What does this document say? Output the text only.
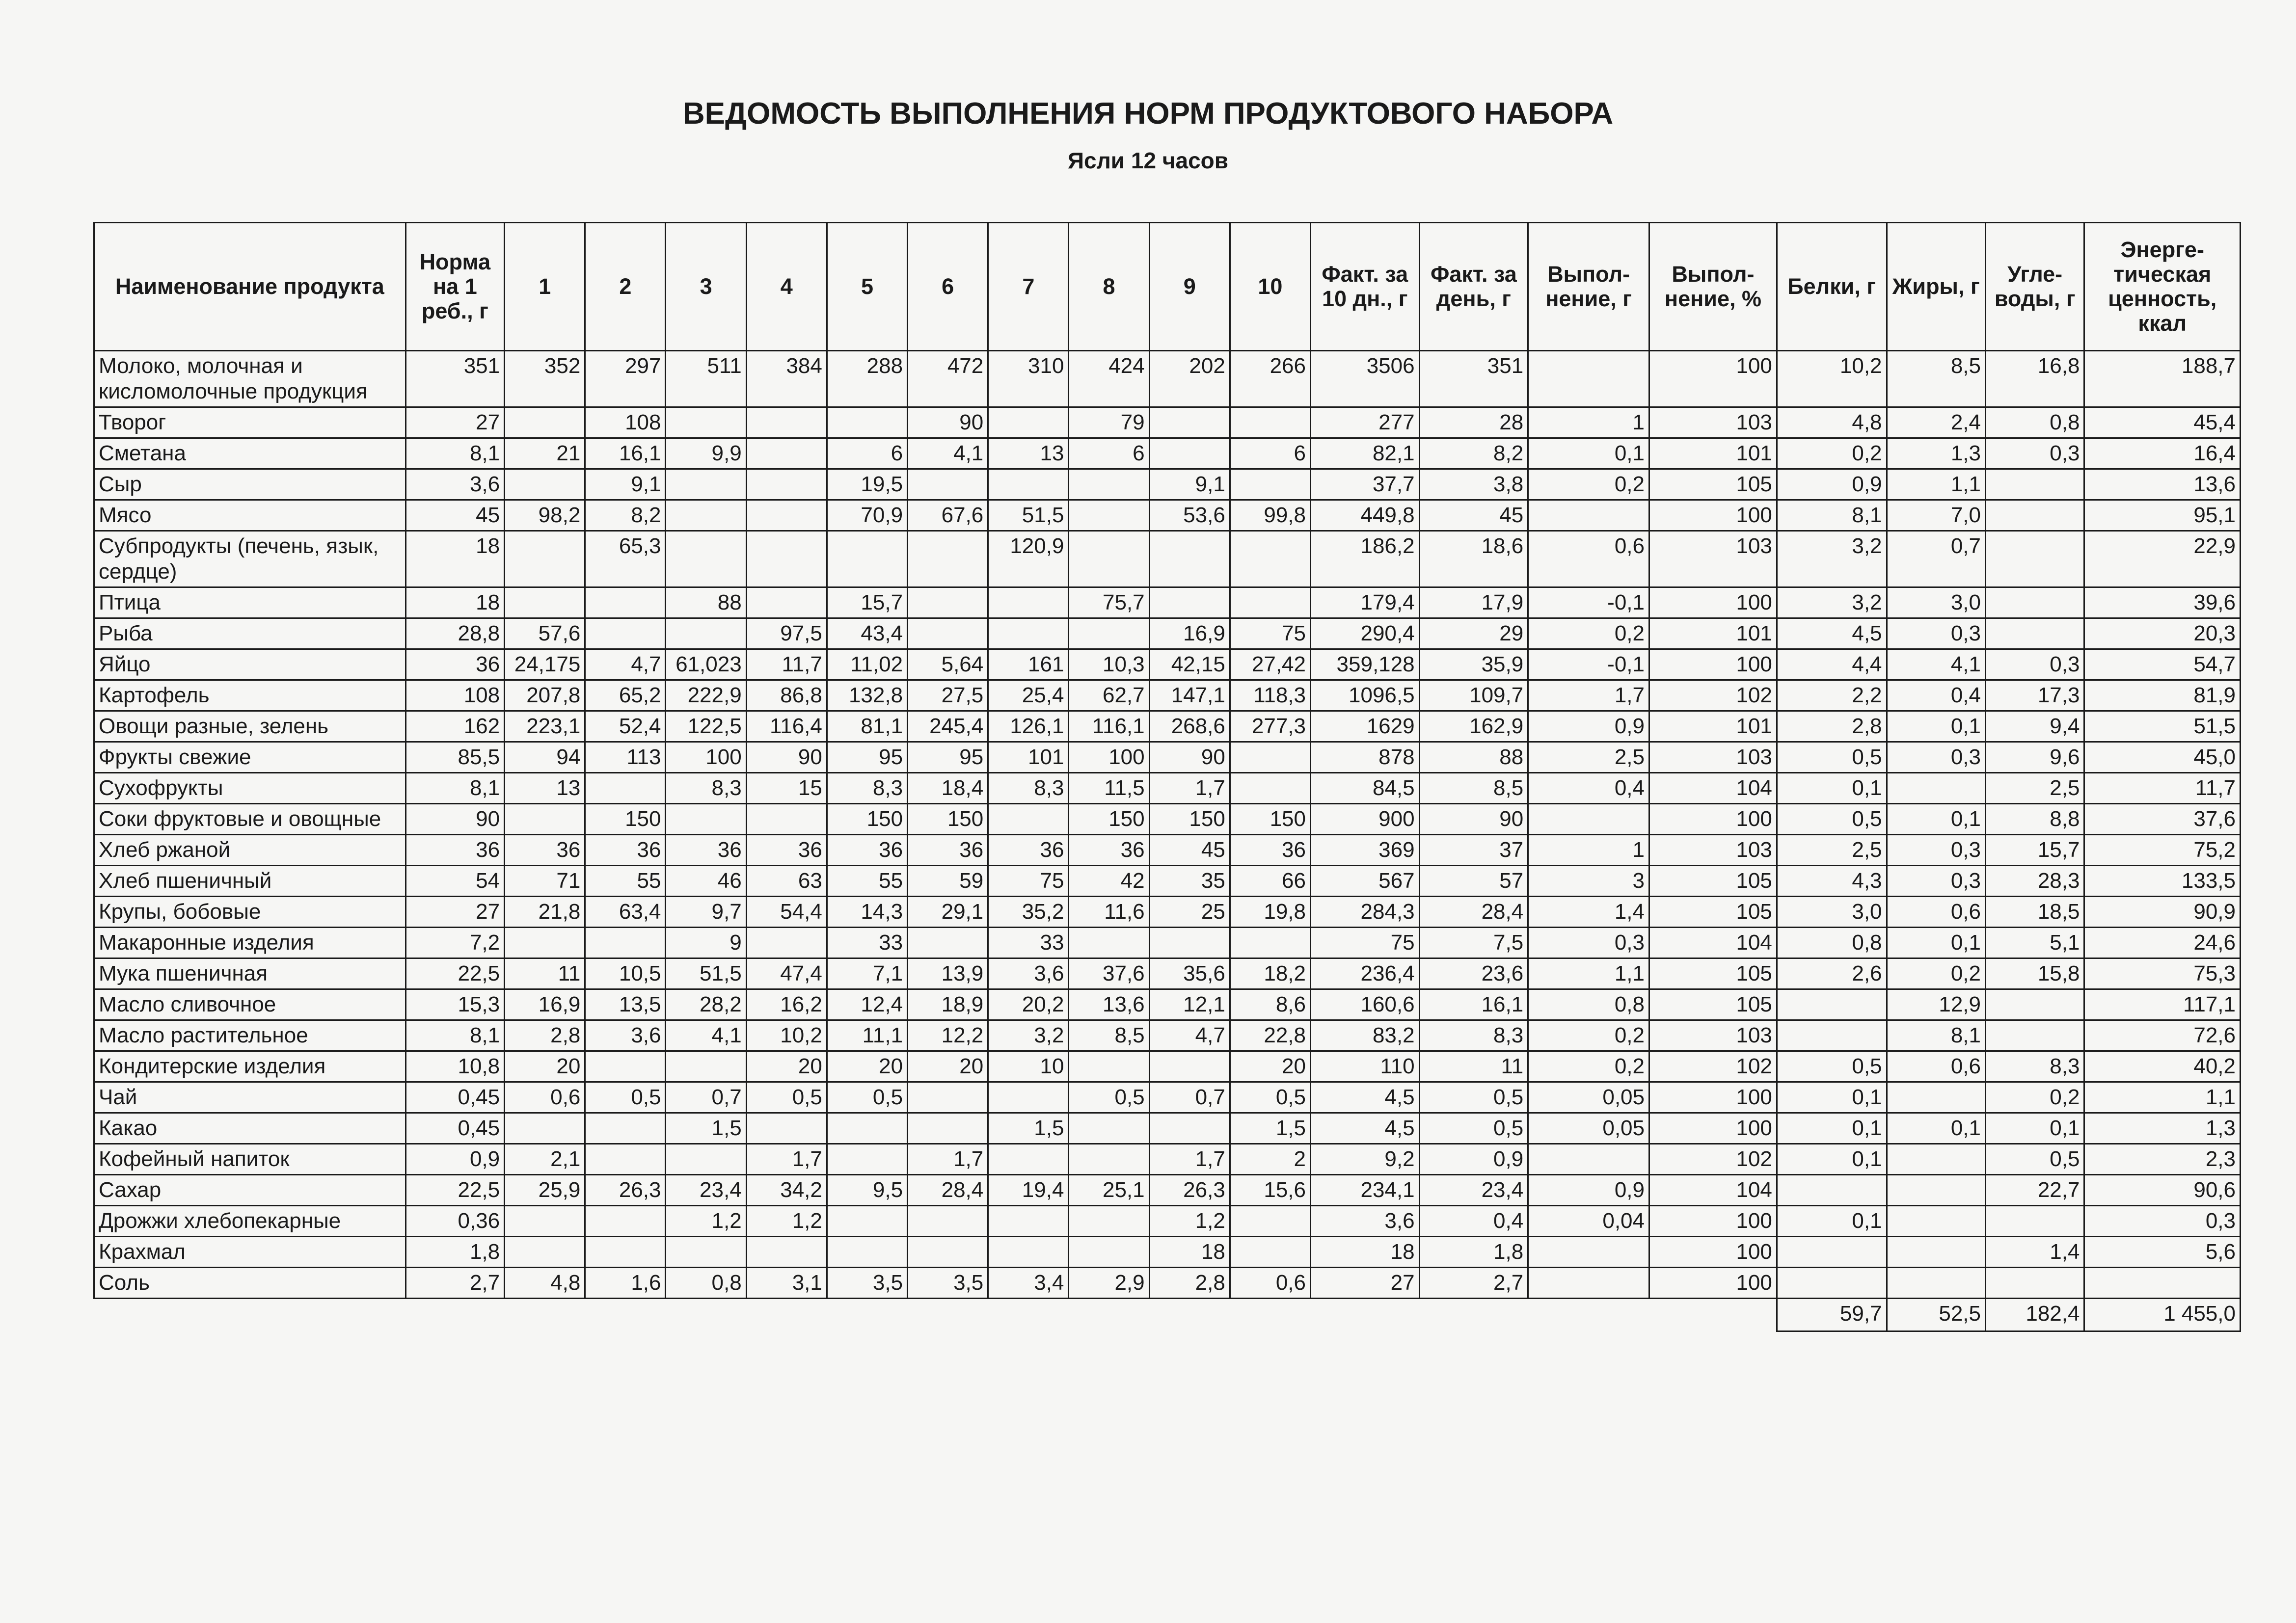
ВЕДОМОСТЬ ВЫПОЛНЕНИЯ НОРМ ПРОДУКТОВОГО НАБОРА
Ясли 12 часов
Наименование продукта	Норма на 1 реб., г	1	2	3	4	5	6	7	8	9	10	Факт. за 10 дн., г	Факт. за день, г	Выпол-нение, г	Выпол-нение, %	Белки, г	Жиры, г	Угле-воды, г	Энерге-тическая ценность, ккал
Молоко, молочная и кисломолочные продукция	351	352	297	511	384	288	472	310	424	202	266	3506	351		100	10,2	8,5	16,8	188,7
Творог	27		108				90		79			277	28	1	103	4,8	2,4	0,8	45,4
Сметана	8,1	21	16,1	9,9		6	4,1	13	6		6	82,1	8,2	0,1	101	0,2	1,3	0,3	16,4
Сыр	3,6		9,1			19,5				9,1		37,7	3,8	0,2	105	0,9	1,1		13,6
Мясо	45	98,2	8,2			70,9	67,6	51,5		53,6	99,8	449,8	45		100	8,1	7,0		95,1
Субпродукты (печень, язык, сердце)	18		65,3					120,9				186,2	18,6	0,6	103	3,2	0,7		22,9
Птица	18			88		15,7			75,7			179,4	17,9	-0,1	100	3,2	3,0		39,6
Рыба	28,8	57,6			97,5	43,4				16,9	75	290,4	29	0,2	101	4,5	0,3		20,3
Яйцо	36	24,175	4,7	61,023	11,7	11,02	5,64	161	10,3	42,15	27,42	359,128	35,9	-0,1	100	4,4	4,1	0,3	54,7
Картофель	108	207,8	65,2	222,9	86,8	132,8	27,5	25,4	62,7	147,1	118,3	1096,5	109,7	1,7	102	2,2	0,4	17,3	81,9
Овощи разные, зелень	162	223,1	52,4	122,5	116,4	81,1	245,4	126,1	116,1	268,6	277,3	1629	162,9	0,9	101	2,8	0,1	9,4	51,5
Фрукты свежие	85,5	94	113	100	90	95	95	101	100	90		878	88	2,5	103	0,5	0,3	9,6	45,0
Сухофрукты	8,1	13		8,3	15	8,3	18,4	8,3	11,5	1,7		84,5	8,5	0,4	104	0,1		2,5	11,7
Соки фруктовые и овощные	90		150			150	150		150	150	150	900	90		100	0,5	0,1	8,8	37,6
Хлеб ржаной	36	36	36	36	36	36	36	36	36	45	36	369	37	1	103	2,5	0,3	15,7	75,2
Хлеб пшеничный	54	71	55	46	63	55	59	75	42	35	66	567	57	3	105	4,3	0,3	28,3	133,5
Крупы, бобовые	27	21,8	63,4	9,7	54,4	14,3	29,1	35,2	11,6	25	19,8	284,3	28,4	1,4	105	3,0	0,6	18,5	90,9
Макаронные изделия	7,2			9		33		33				75	7,5	0,3	104	0,8	0,1	5,1	24,6
Мука пшеничная	22,5	11	10,5	51,5	47,4	7,1	13,9	3,6	37,6	35,6	18,2	236,4	23,6	1,1	105	2,6	0,2	15,8	75,3
Масло сливочное	15,3	16,9	13,5	28,2	16,2	12,4	18,9	20,2	13,6	12,1	8,6	160,6	16,1	0,8	105		12,9		117,1
Масло растительное	8,1	2,8	3,6	4,1	10,2	11,1	12,2	3,2	8,5	4,7	22,8	83,2	8,3	0,2	103		8,1		72,6
Кондитерские изделия	10,8	20			20	20	20	10			20	110	11	0,2	102	0,5	0,6	8,3	40,2
Чай	0,45	0,6	0,5	0,7	0,5	0,5			0,5	0,7	0,5	4,5	0,5	0,05	100	0,1		0,2	1,1
Какао	0,45			1,5				1,5			1,5	4,5	0,5	0,05	100	0,1	0,1	0,1	1,3
Кофейный напиток	0,9	2,1			1,7		1,7			1,7	2	9,2	0,9		102	0,1		0,5	2,3
Сахар	22,5	25,9	26,3	23,4	34,2	9,5	28,4	19,4	25,1	26,3	15,6	234,1	23,4	0,9	104			22,7	90,6
Дрожжи хлебопекарные	0,36			1,2	1,2					1,2		3,6	0,4	0,04	100	0,1			0,3
Крахмал	1,8									18		18	1,8		100			1,4	5,6
Соль	2,7	4,8	1,6	0,8	3,1	3,5	3,5	3,4	2,9	2,8	0,6	27	2,7		100				
																59,7	52,5	182,4	1 455,0
